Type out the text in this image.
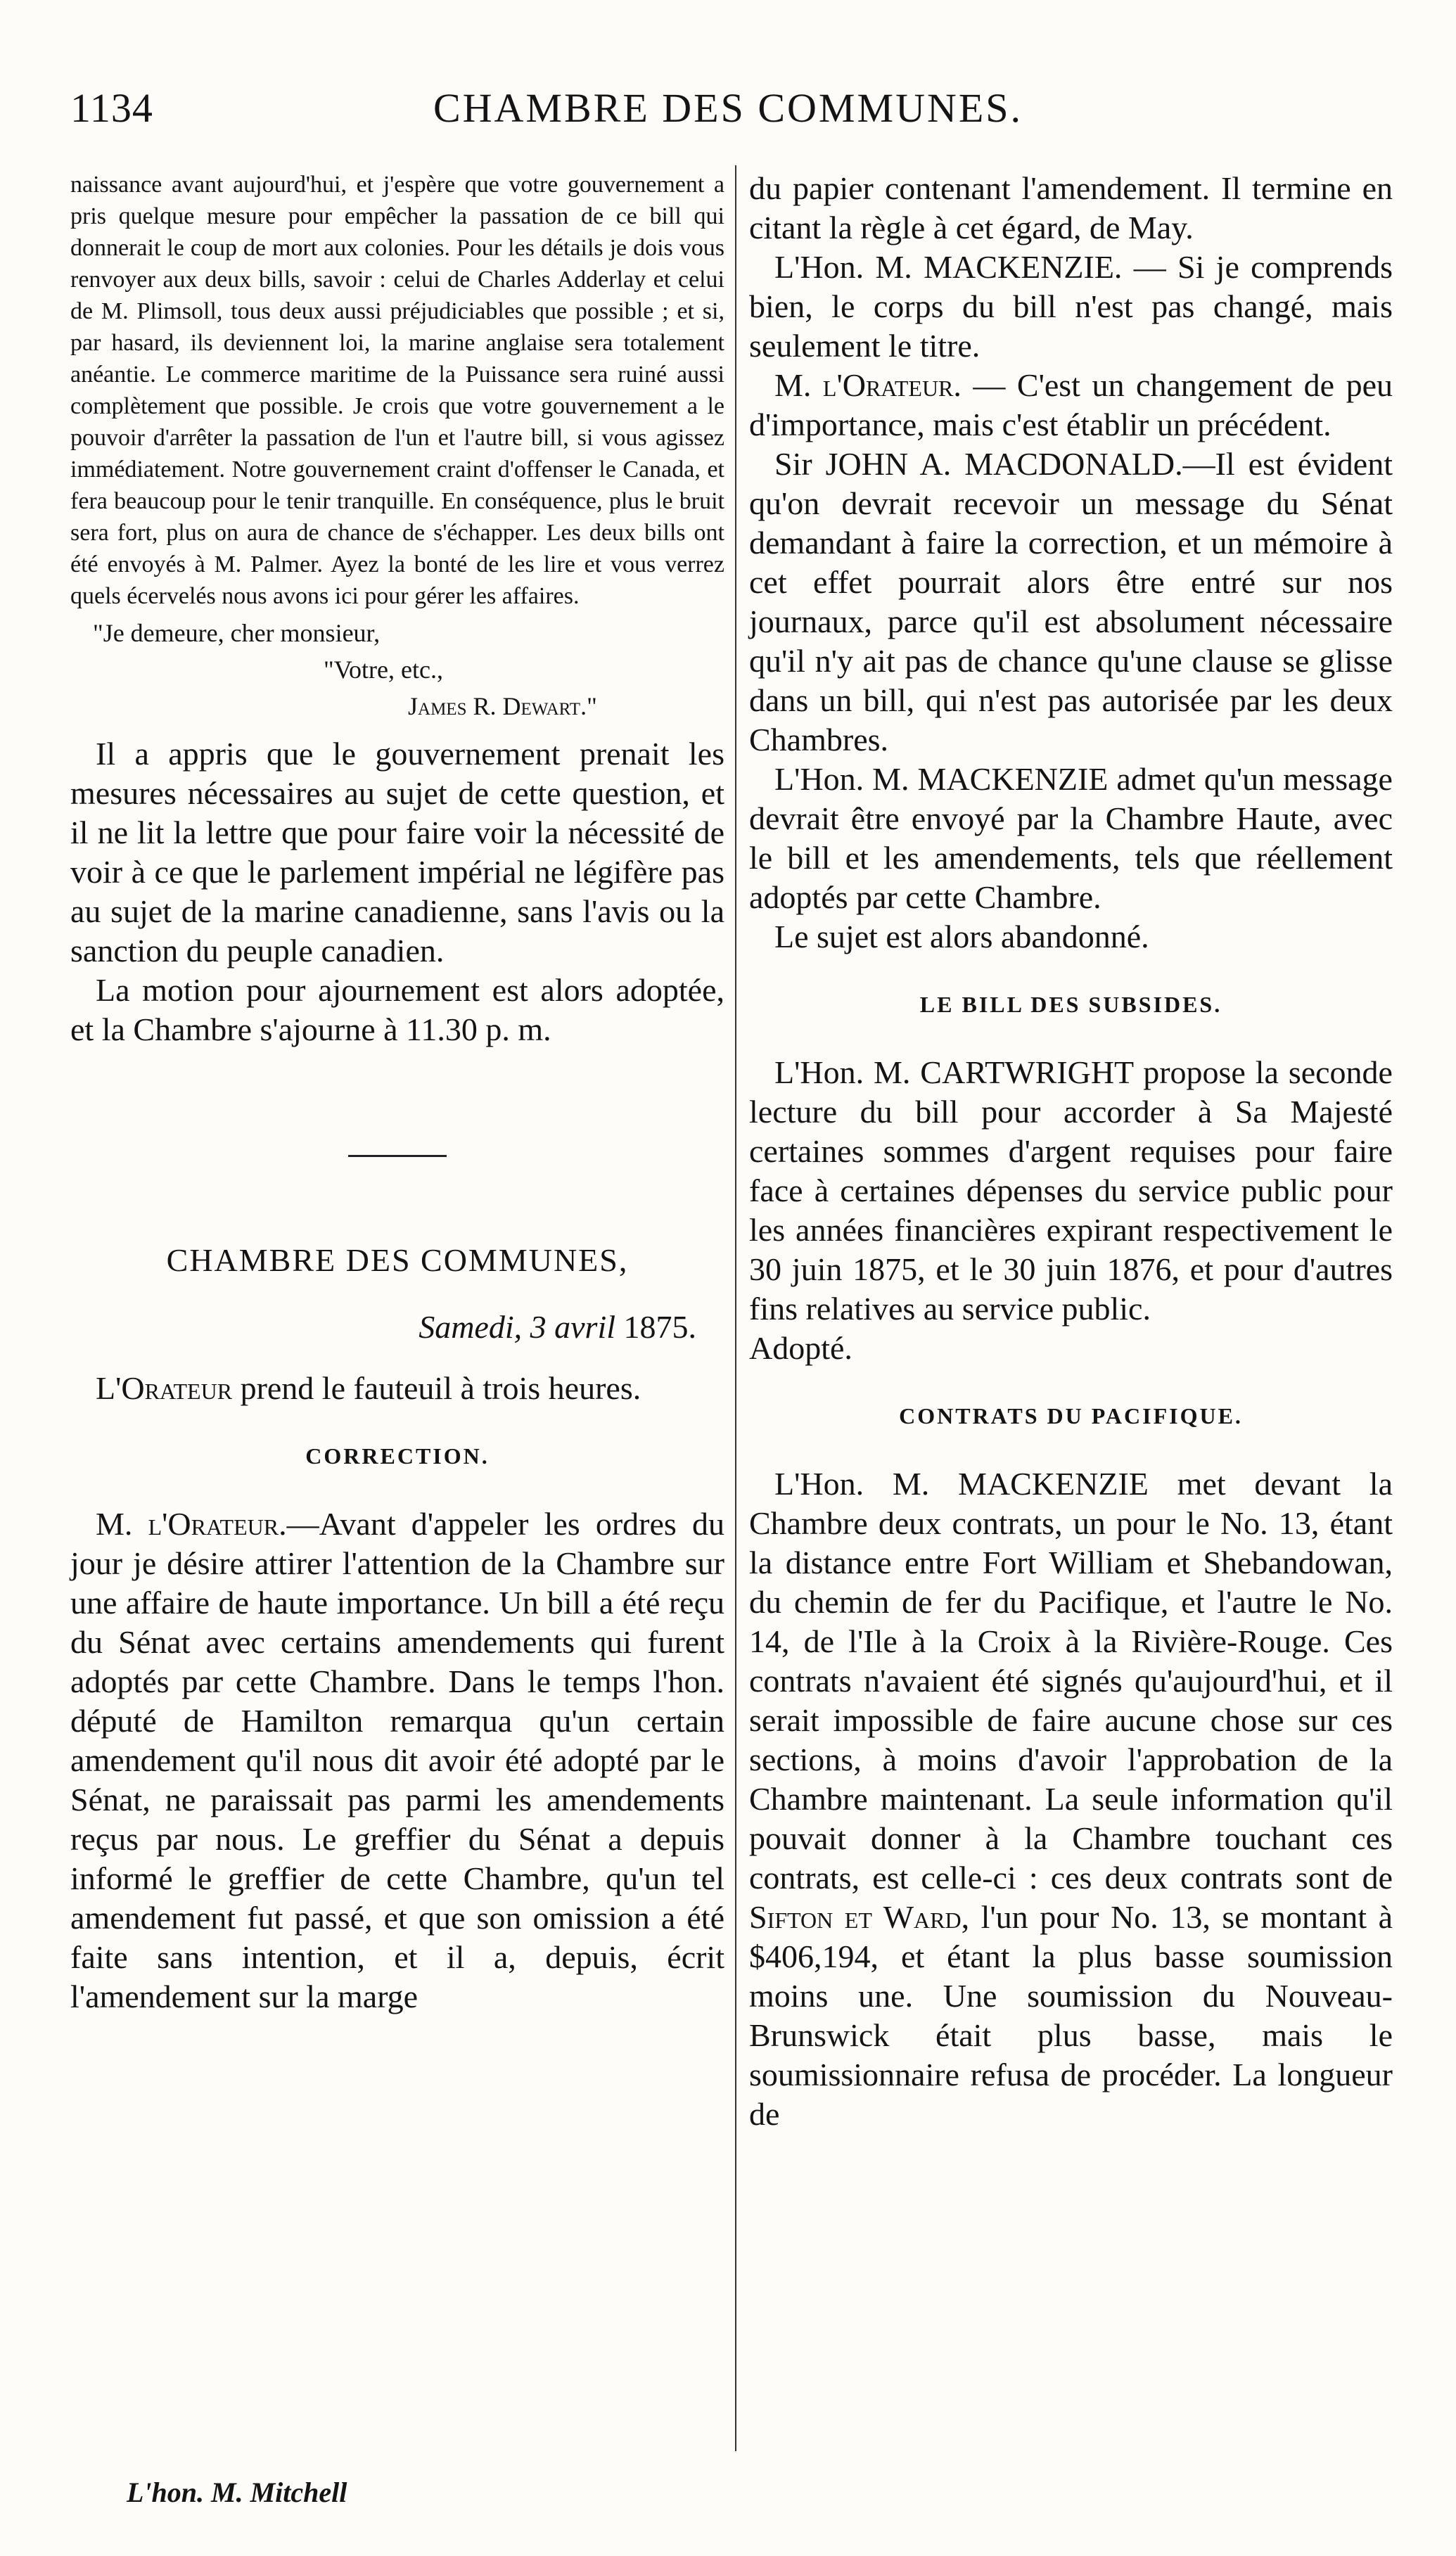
1134	CHAMBRE DES COMMUNES.

naissance avant aujourd'hui, et j'espère que votre gouvernement a pris quelque mesure pour empêcher la passation de ce bill qui donnerait le coup de mort aux colonies. Pour les détails je dois vous renvoyer aux deux bills, savoir : celui de Charles Adderlay et celui de M. Plimsoll, tous deux aussi préjudiciables que possible ; et si, par hasard, ils deviennent loi, la marine anglaise sera totalement anéantie. Le commerce maritime de la Puissance sera ruiné aussi complètement que possible. Je crois que votre gouvernement a le pouvoir d'arrêter la passation de l'un et l'autre bill, si vous agissez immédiatement. Notre gouvernement craint d'offenser le Canada, et fera beaucoup pour le tenir tranquille. En conséquence, plus le bruit sera fort, plus on aura de chance de s'échapper. Les deux bills ont été envoyés à M. Palmer. Ayez la bonté de les lire et vous verrez quels écervelés nous avons ici pour gérer les affaires.

"Je demeure, cher monsieur,
"Votre, etc.,
James R. Dewart."

Il a appris que le gouvernement prenait les mesures nécessaires au sujet de cette question, et il ne lit la lettre que pour faire voir la nécessité de voir à ce que le parlement impérial ne légifère pas au sujet de la marine canadienne, sans l'avis ou la sanction du peuple canadien.

La motion pour ajournement est alors adoptée, et la Chambre s'ajourne à 11.30 p. m.

CHAMBRE DES COMMUNES,
Samedi, 3 avril 1875.

L'Orateur prend le fauteuil à trois heures.

CORRECTION.

M. l'Orateur.—Avant d'appeler les ordres du jour je désire attirer l'attention de la Chambre sur une affaire de haute importance. Un bill a été reçu du Sénat avec certains amendements qui furent adoptés par cette Chambre. Dans le temps l'hon. député de Hamilton remarqua qu'un certain amendement qu'il nous dit avoir été adopté par le Sénat, ne paraissait pas parmi les amendements reçus par nous. Le greffier du Sénat a depuis informé le greffier de cette Chambre, qu'un tel amendement fut passé, et que son omission a été faite sans intention, et il a, depuis, écrit l'amendement sur la marge

du papier contenant l'amendement. Il termine en citant la règle à cet égard, de May.

L'Hon. M. MACKENZIE. — Si je comprends bien, le corps du bill n'est pas changé, mais seulement le titre.

M. l'Orateur. — C'est un changement de peu d'importance, mais c'est établir un précédent.

Sir JOHN A. MACDONALD.—Il est évident qu'on devrait recevoir un message du Sénat demandant à faire la correction, et un mémoire à cet effet pourrait alors être entré sur nos journaux, parce qu'il est absolument nécessaire qu'il n'y ait pas de chance qu'une clause se glisse dans un bill, qui n'est pas autorisée par les deux Chambres.

L'Hon. M. MACKENZIE admet qu'un message devrait être envoyé par la Chambre Haute, avec le bill et les amendements, tels que réellement adoptés par cette Chambre.

Le sujet est alors abandonné.

LE BILL DES SUBSIDES.

L'Hon. M. CARTWRIGHT propose la seconde lecture du bill pour accorder à Sa Majesté certaines sommes d'argent requises pour faire face à certaines dépenses du service public pour les années financières expirant respectivement le 30 juin 1875, et le 30 juin 1876, et pour d'autres fins relatives au service public.

Adopté.

CONTRATS DU PACIFIQUE.

L'Hon. M. MACKENZIE met devant la Chambre deux contrats, un pour le No. 13, étant la distance entre Fort William et Shebandowan, du chemin de fer du Pacifique, et l'autre le No. 14, de l'Ile à la Croix à la Rivière-Rouge. Ces contrats n'avaient été signés qu'aujourd'hui, et il serait impossible de faire aucune chose sur ces sections, à moins d'avoir l'approbation de la Chambre maintenant. La seule information qu'il pouvait donner à la Chambre touchant ces contrats, est celle-ci : ces deux contrats sont de Sifton et Ward, l'un pour No. 13, se montant à $406,194, et étant la plus basse soumission moins une. Une soumission du Nouveau-Brunswick était plus basse, mais le soumissionnaire refusa de procéder. La longueur de

L'hon. M. Mitchell
